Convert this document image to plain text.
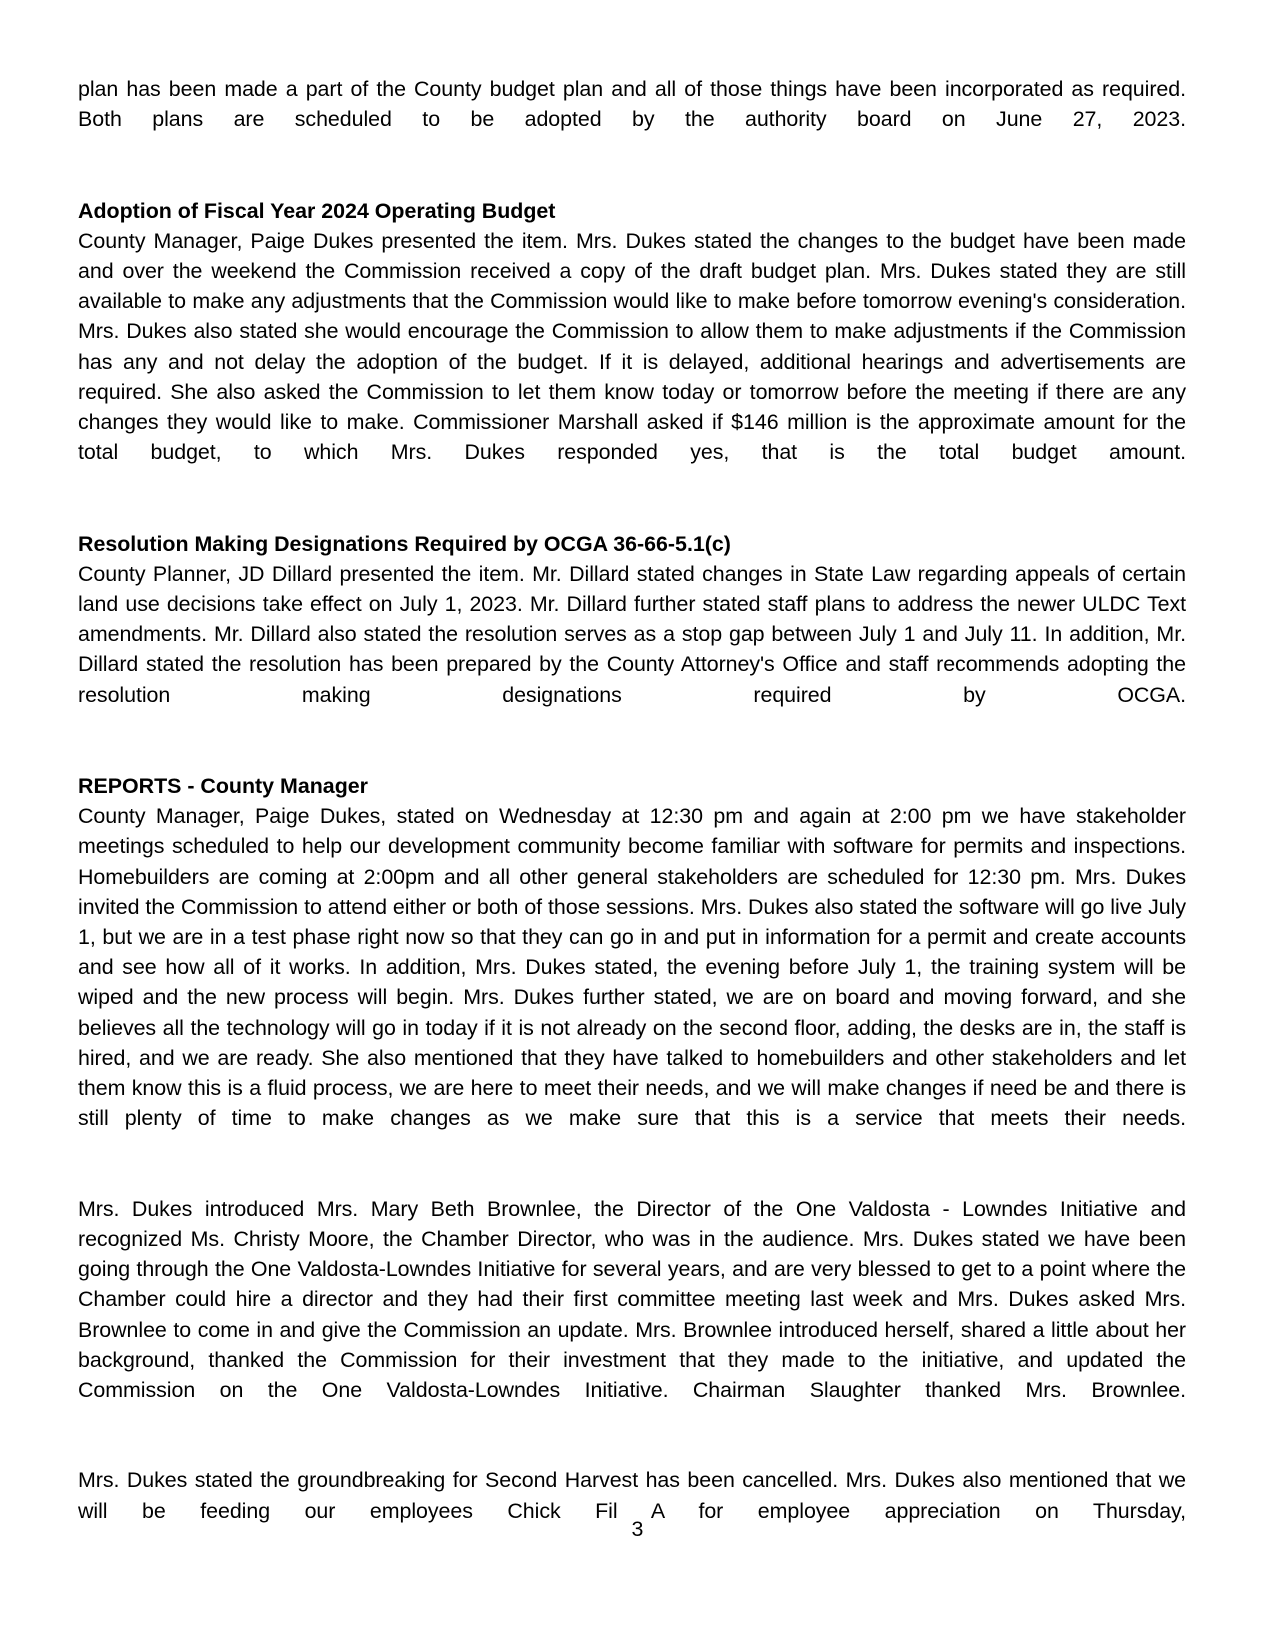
plan has been made a part of the County budget plan and all of those things have been incorporated as required. Both plans are scheduled to be adopted by the authority board on June 27, 2023.

Adoption of Fiscal Year 2024 Operating Budget

County Manager, Paige Dukes presented the item. Mrs. Dukes stated the changes to the budget have been made and over the weekend the Commission received a copy of the draft budget plan. Mrs. Dukes stated they are still available to make any adjustments that the Commission would like to make before tomorrow evening's consideration. Mrs. Dukes also stated she would encourage the Commission to allow them to make adjustments if the Commission has any and not delay the adoption of the budget. If it is delayed, additional hearings and advertisements are required. She also asked the Commission to let them know today or tomorrow before the meeting if there are any changes they would like to make. Commissioner Marshall asked if $146 million is the approximate amount for the total budget, to which Mrs. Dukes responded yes, that is the total budget amount.

Resolution Making Designations Required by OCGA 36-66-5.1(c)

County Planner, JD Dillard presented the item. Mr. Dillard stated changes in State Law regarding appeals of certain land use decisions take effect on July 1, 2023. Mr. Dillard further stated staff plans to address the newer ULDC Text amendments. Mr. Dillard also stated the resolution serves as a stop gap between July 1 and July 11. In addition, Mr. Dillard stated the resolution has been prepared by the County Attorney's Office and staff recommends adopting the resolution making designations required by OCGA.

REPORTS - County Manager

County Manager, Paige Dukes, stated on Wednesday at 12:30 pm and again at 2:00 pm we have stakeholder meetings scheduled to help our development community become familiar with software for permits and inspections. Homebuilders are coming at 2:00pm and all other general stakeholders are scheduled for 12:30 pm. Mrs. Dukes invited the Commission to attend either or both of those sessions. Mrs. Dukes also stated the software will go live July 1, but we are in a test phase right now so that they can go in and put in information for a permit and create accounts and see how all of it works. In addition, Mrs. Dukes stated, the evening before July 1, the training system will be wiped and the new process will begin. Mrs. Dukes further stated, we are on board and moving forward, and she believes all the technology will go in today if it is not already on the second floor, adding, the desks are in, the staff is hired, and we are ready. She also mentioned that they have talked to homebuilders and other stakeholders and let them know this is a fluid process, we are here to meet their needs, and we will make changes if need be and there is still plenty of time to make changes as we make sure that this is a service that meets their needs.

Mrs. Dukes introduced Mrs. Mary Beth Brownlee, the Director of the One Valdosta - Lowndes Initiative and recognized Ms. Christy Moore, the Chamber Director, who was in the audience. Mrs. Dukes stated we have been going through the One Valdosta-Lowndes Initiative for several years, and are very blessed to get to a point where the Chamber could hire a director and they had their first committee meeting last week and Mrs. Dukes asked Mrs. Brownlee to come in and give the Commission an update. Mrs. Brownlee introduced herself, shared a little about her background, thanked the Commission for their investment that they made to the initiative, and updated the Commission on the One Valdosta-Lowndes Initiative. Chairman Slaughter thanked Mrs. Brownlee.

Mrs. Dukes stated the groundbreaking for Second Harvest has been cancelled. Mrs. Dukes also mentioned that we will be feeding our employees Chick Fil A for employee appreciation on Thursday,

3
